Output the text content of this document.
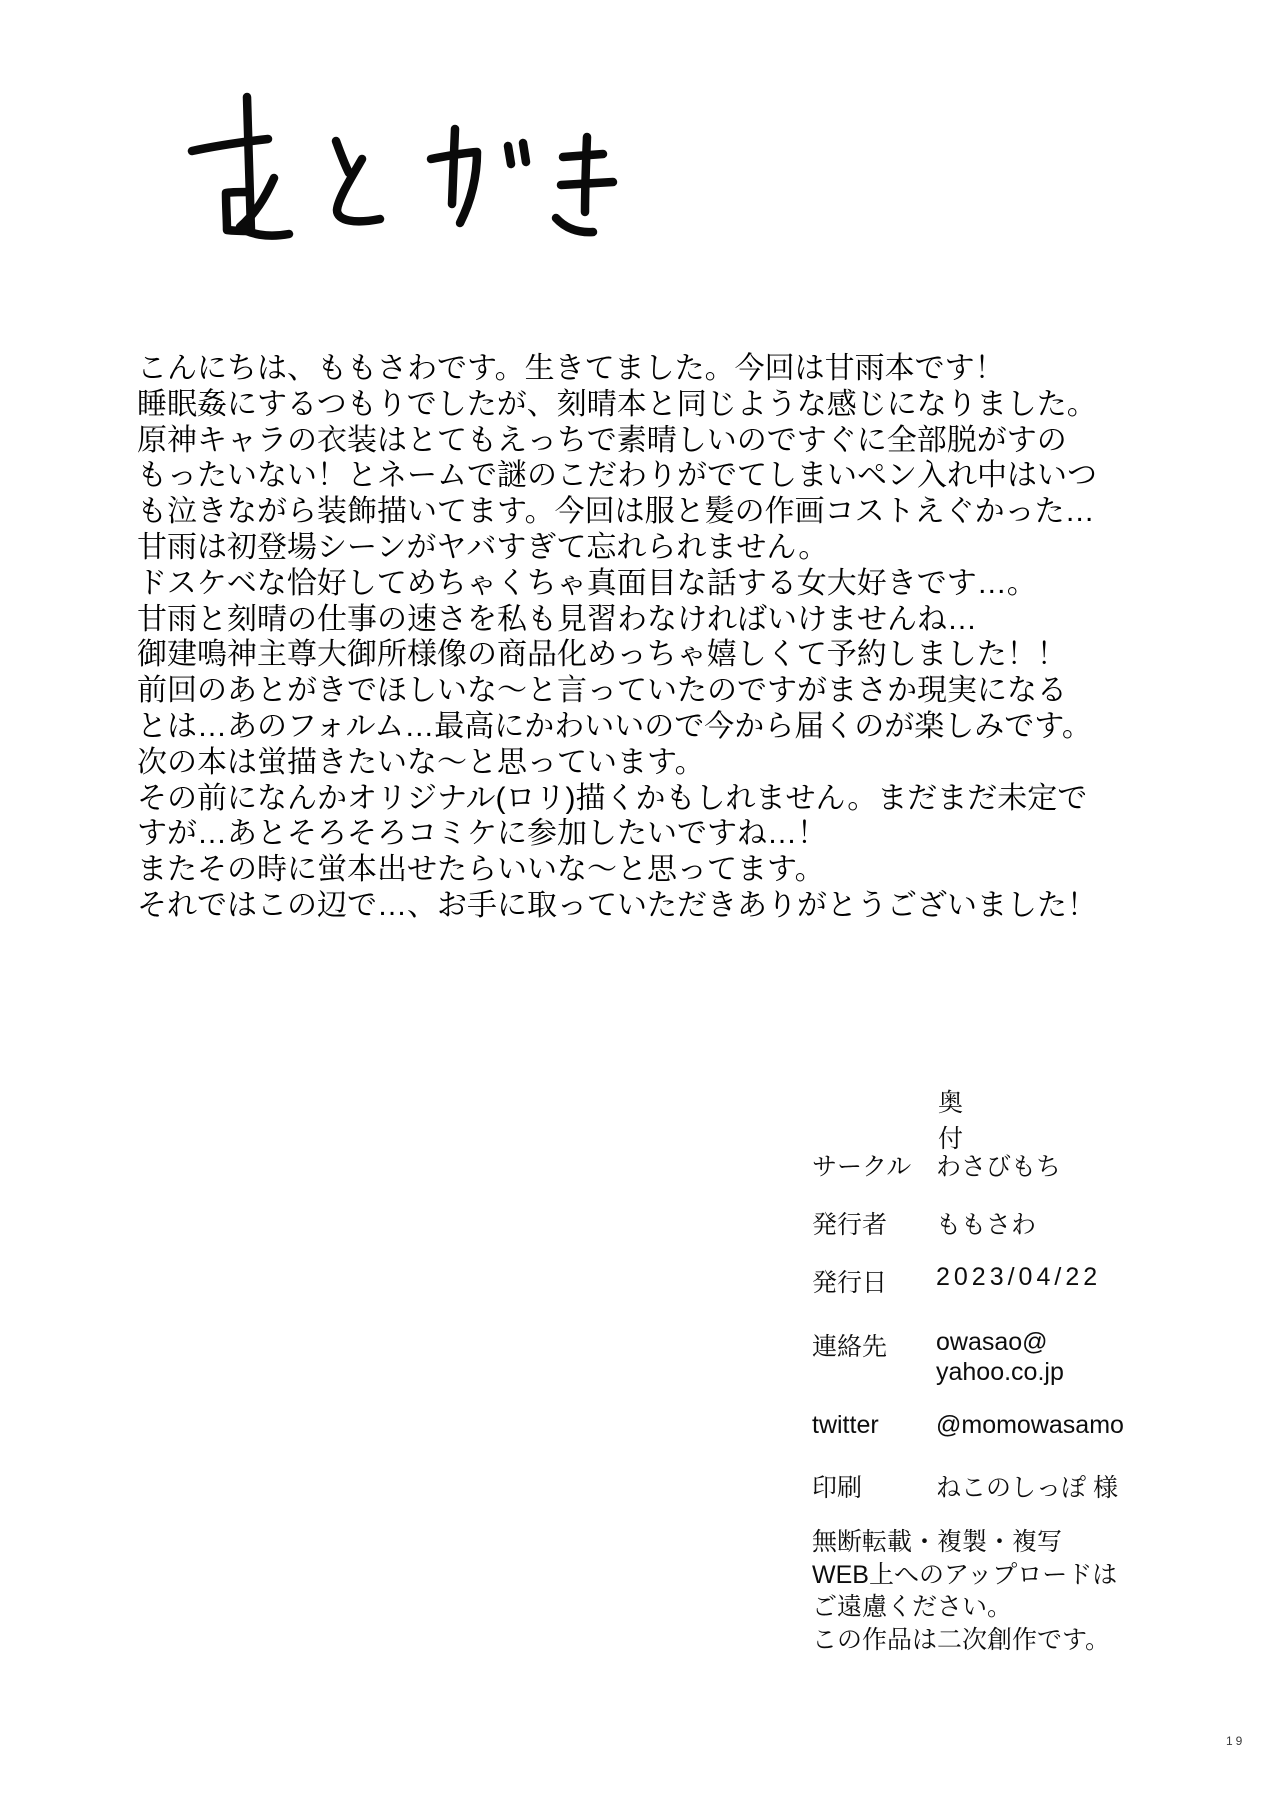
こんにちは、ももさわです。生きてました。今回は甘雨本です！
睡眠姦にするつもりでしたが、刻晴本と同じような感じになりました。
原神キャラの衣装はとてもえっちで素晴しいのですぐに全部脱がすの
もったいない！とネームで謎のこだわりがでてしまいペン入れ中はいつ
も泣きながら装飾描いてます。今回は服と髪の作画コストえぐかった…
甘雨は初登場シーンがヤバすぎて忘れられません。
ドスケベな恰好してめちゃくちゃ真面目な話する女大好きです…。
甘雨と刻晴の仕事の速さを私も見習わなければいけませんね…
御建鳴神主尊大御所様像の商品化めっちゃ嬉しくて予約しました！！
前回のあとがきでほしいな～と言っていたのですがまさか現実になる
とは…あのフォルム…最高にかわいいので今から届くのが楽しみです。
次の本は蛍描きたいな～と思っています。
その前になんかオリジナル(ロリ)描くかもしれません。まだまだ未定で
すが…あとそろそろコミケに参加したいですね…！
またその時に蛍本出せたらいいな～と思ってます。
それではこの辺で…、お手に取っていただきありがとうございました！
奥付
サークル わさびもち
発行者	ももさわ
発行日	2023/04/22
連絡先	owasao@
yahoo.co.jp
twitter	@momowasamo
印刷	ねこのしっぽ 様
無断転載・複製・複写
WEB上へのアップロードは
ご遠慮ください。
この作品は二次創作です。
19
